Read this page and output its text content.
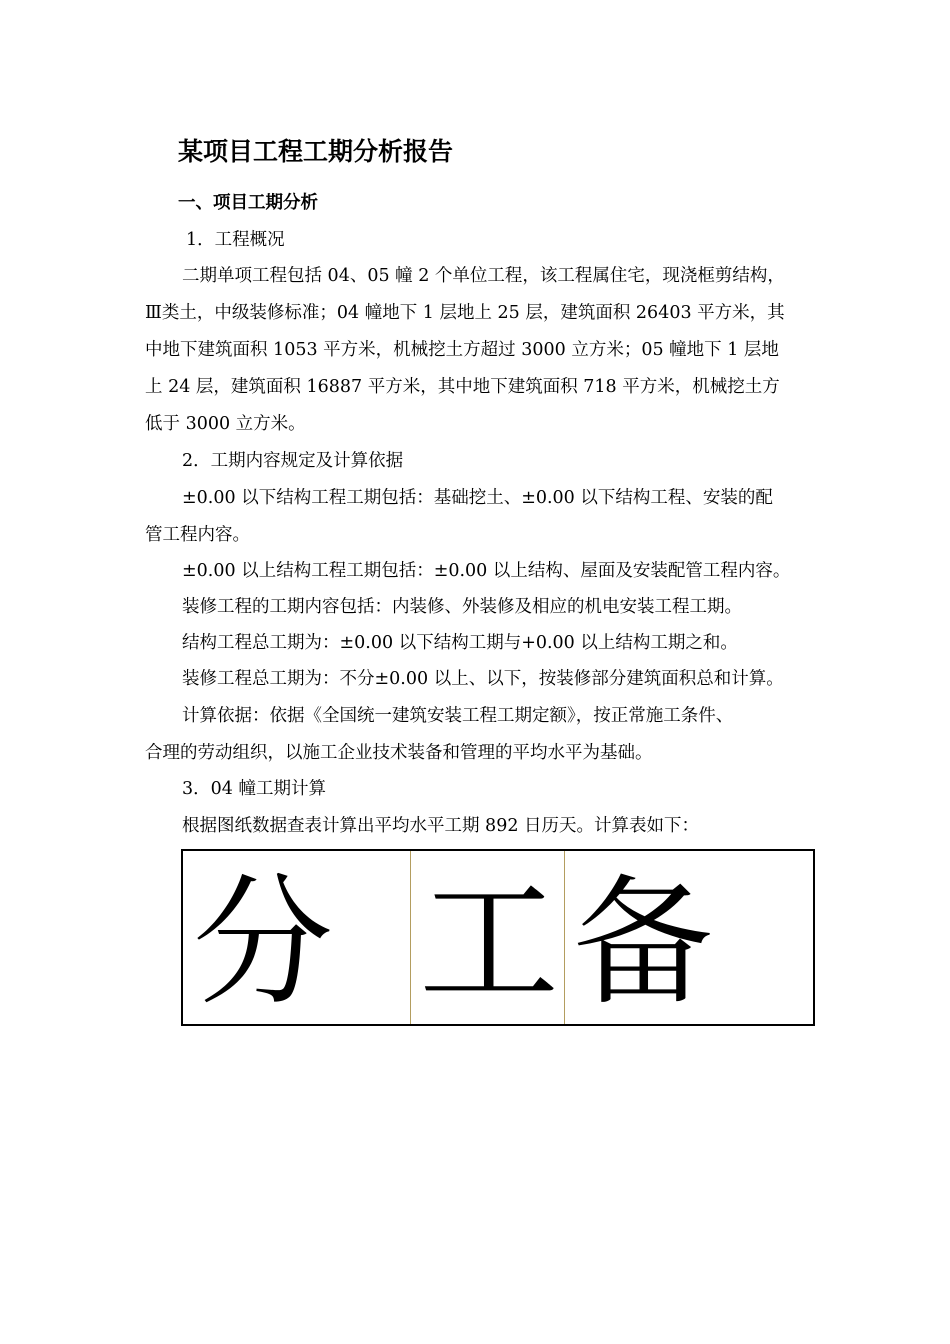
某项目工程工期分析报告
一、项目工期分析
1．工程概况
二期单项工程包括 04、05 幢 2 个单位工程，该工程属住宅，现浇框剪结构，
Ⅲ类土，中级装修标准；04 幢地下 1 层地上 25 层，建筑面积 26403 平方米，其
中地下建筑面积 1053 平方米，机械挖土方超过 3000 立方米；05 幢地下 1 层地
上 24 层，建筑面积 16887 平方米，其中地下建筑面积 718 平方米，机械挖土方
低于 3000 立方米。
2．工期内容规定及计算依据
±0.00 以下结构工程工期包括：基础挖土、±0.00 以下结构工程、安装的配
管工程内容。
±0.00 以上结构工程工期包括：±0.00 以上结构、屋面及安装配管工程内容。
装修工程的工期内容包括：内装修、外装修及相应的机电安装工程工期。
结构工程总工期为：±0.00 以下结构工期与+0.00 以上结构工期之和。
装修工程总工期为：不分±0.00 以上、以下，按装修部分建筑面积总和计算。
计算依据：依据《全国统一建筑安装工程工期定额》，按正常施工条件、
合理的劳动组织，以施工企业技术装备和管理的平均水平为基础。
3．04 幢工期计算
根据图纸数据查表计算出平均水平工期 892 日历天。计算表如下：
分 工 备
